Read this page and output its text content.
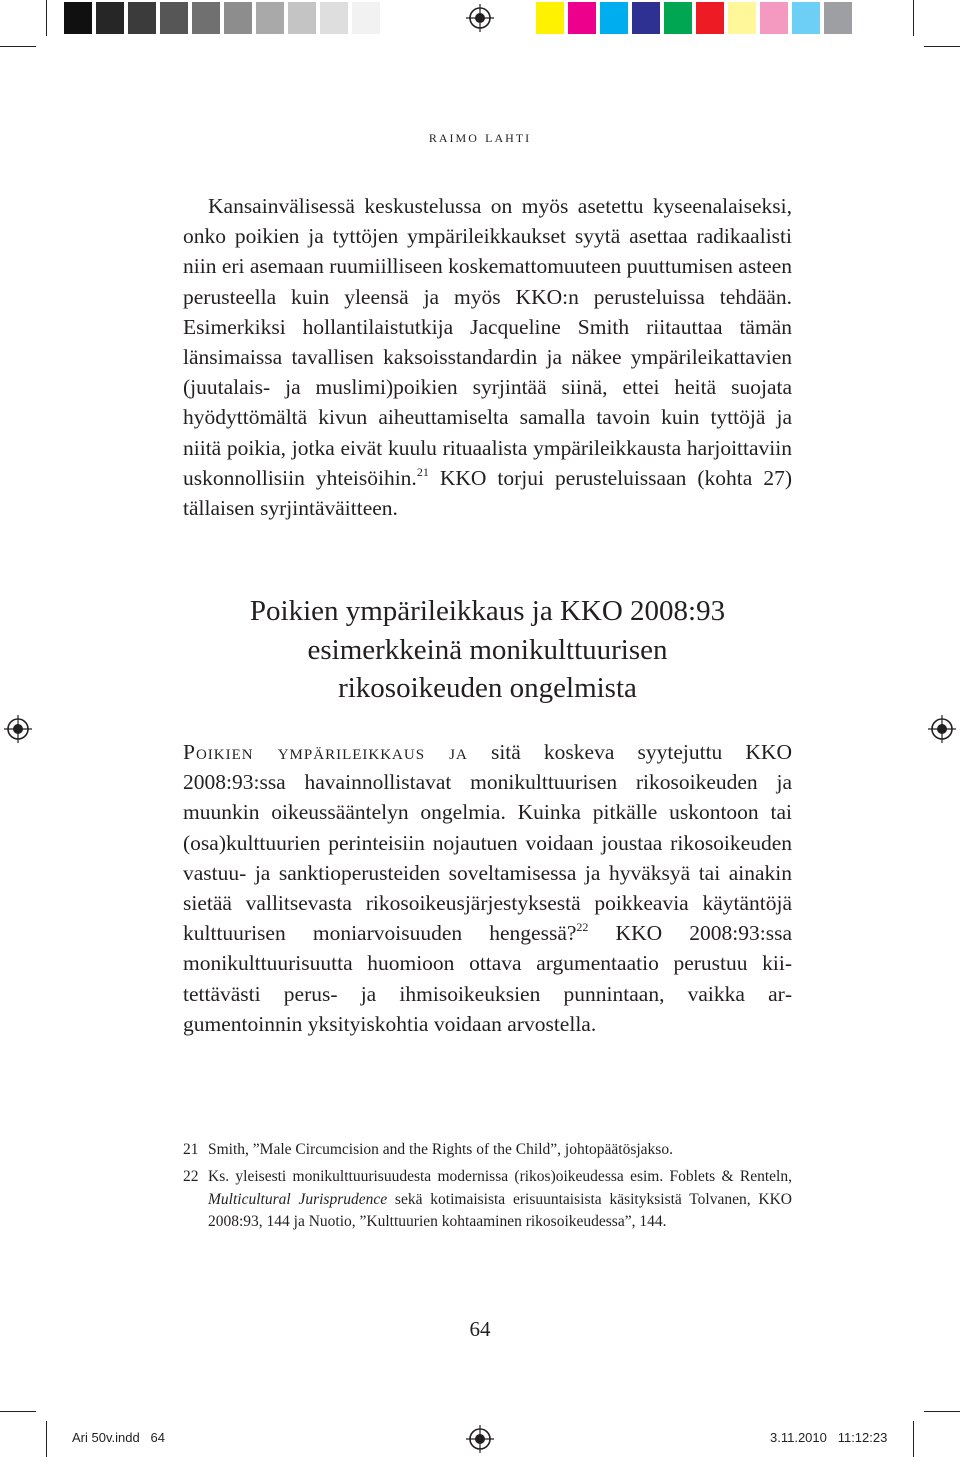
raimo lahti

Kansainvälisessä keskustelussa on myös asetettu kyseenalaiseksi, onko poikien ja tyttöjen ympärileikkaukset syytä asettaa radikaalisti niin eri asemaan ruumiilliseen koskemattomuuteen puuttumisen asteen perusteella kuin yleensä ja myös KKO:n perusteluissa tehdään. Esimerkiksi hollantilaistutkija Jacqueline Smith riitauttaa tämän länsimaissa tavallisen kaksoisstandardin ja näkee ympärileikattavien (juutalais- ja muslimi)poikien syrjintää siinä, ettei heitä suojata hyödyttömältä kivun aiheuttamiselta samalla tavoin kuin tyttöjä ja niitä poikia, jotka eivät kuulu rituaalista ympärileikkausta harjoittaviin uskonnollisiin yhteisöihin.$^{21}$ KKO torjui perusteluissaan (kohta 27) tällaisen syrjintäväitteen.

Poikien ympärileikkaus ja KKO 2008:93
esimerkkeinä monikulttuurisen
rikosoikeuden ongelmista

Poikien ympärileikkaus ja sitä koskeva syytejuttu KKO 2008:93:ssa havainnollistavat monikulttuurisen rikosoikeuden ja muunkin oikeussääntelyn ongelmia. Kuinka pitkälle uskontoon tai (osa)kulttuurien perinteisiin nojautuen voidaan joustaa rikosoikeuden vastuu- ja sanktioperusteiden soveltamisessa ja hyväksyä tai ainakin sietää vallitsevasta rikosoikeusjärjestyksestä poikkeavia käytäntöjä kulttuurisen moniarvoisuuden hengessä?$^{22}$ KKO 2008:93:ssa monikulttuurisuutta huomioon ottava argumentaatio perustuu kiitettävästi perus- ja ihmisoikeuksien punnintaan, vaikka argumentoinnin yksityiskohtia voidaan arvostella.

21 Smith, ”Male Circumcision and the Rights of the Child”, johtopäätösjakso.
22 Ks. yleisesti monikulttuurisuudesta modernissa (rikos)oikeudessa esim. Foblets & Renteln, Multicultural Jurisprudence sekä kotimaisista erisuuntaisista käsityksistä Tolvanen, KKO 2008:93, 144 ja Nuotio, ”Kulttuurien kohtaaminen rikosoikeudessa”, 144.
64
Ari 50v.indd   64	3.11.2010   11:12:23
